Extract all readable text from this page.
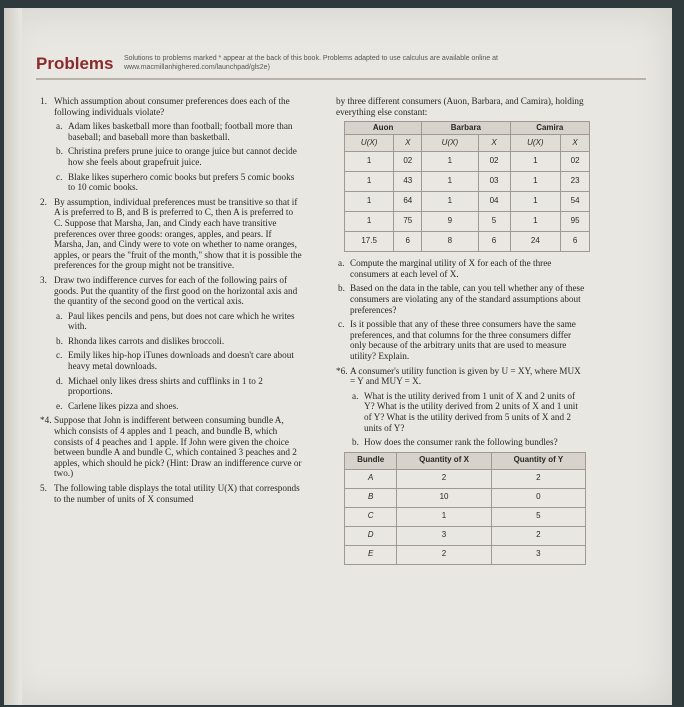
Problems Solutions to problems marked * appear at the back of this book. Problems adapted to use calculus are available online at
www.macmillanhighered.com/launchpad/gls2e)
1. Which assumption about consumer preferences does each of the following individuals violate?
a. Adam likes basketball more than football; football more than baseball; and baseball more than basketball.
b. Christina prefers prune juice to orange juice but cannot decide how she feels about grapefruit juice.
c. Blake likes superhero comic books but prefers 5 comic books to 10 comic books.
2. By assumption, individual preferences must be transitive so that if A is preferred to B, and B is preferred to C, then A is preferred to C. Suppose that Marsha, Jan, and Cindy each have transitive preferences over three goods: oranges, apples, and pears. If Marsha, Jan, and Cindy were to vote on whether to name oranges, apples, or pears the "fruit of the month," show that it is possible the preferences for the group might not be transitive.
3. Draw two indifference curves for each of the following pairs of goods. Put the quantity of the first good on the horizontal axis and the quantity of the second good on the vertical axis.
a. Paul likes pencils and pens, but does not care which he writes with.
b. Rhonda likes carrots and dislikes broccoli.
c. Emily likes hip-hop iTunes downloads and doesn't care about heavy metal downloads.
d. Michael only likes dress shirts and cufflinks in 1 to 2 proportions.
e. Carlene likes pizza and shoes.
*4. Suppose that John is indifferent between consuming bundle A, which consists of 4 apples and 1 peach, and bundle B, which consists of 4 peaches and 1 apple. If John were given the choice between bundle A and bundle C, which contained 3 peaches and 2 apples, which should he pick? (Hint: Draw an indifference curve or two.)
5. The following table displays the total utility U(X) that corresponds to the number of units of X consumed
by three different consumers (Auon, Barbara, and Camira), holding everything else constant:
Auon		Barbara		Camira	
U(X)	X	U(X)	X	U(X)	X
1	02	1	02	1	02
1	43	1	03	1	23
1	64	1	04	1	54
1	75	9	5	1	95
17.5	6	8	6	24	6
a. Compute the marginal utility of X for each of the three consumers at each level of X.
b. Based on the data in the table, can you tell whether any of these consumers are violating any of the standard assumptions about preferences?
c. Is it possible that any of these three consumers have the same preferences, and that columns for the three consumers differ only because of the arbitrary units that are used to measure utility? Explain.
*6. A consumer's utility function is given by U = XY, where MUX = Y and MUY = X.
a. What is the utility derived from 1 unit of X and 2 units of Y? What is the utility derived from 2 units of X and 1 unit of Y? What is the utility derived from 5 units of X and 2 units of Y?
b. How does the consumer rank the following bundles?
Bundle	Quantity of X	Quantity of Y
A	2	2
B	10	0
C	1	5
D	3	2
E	2	3
